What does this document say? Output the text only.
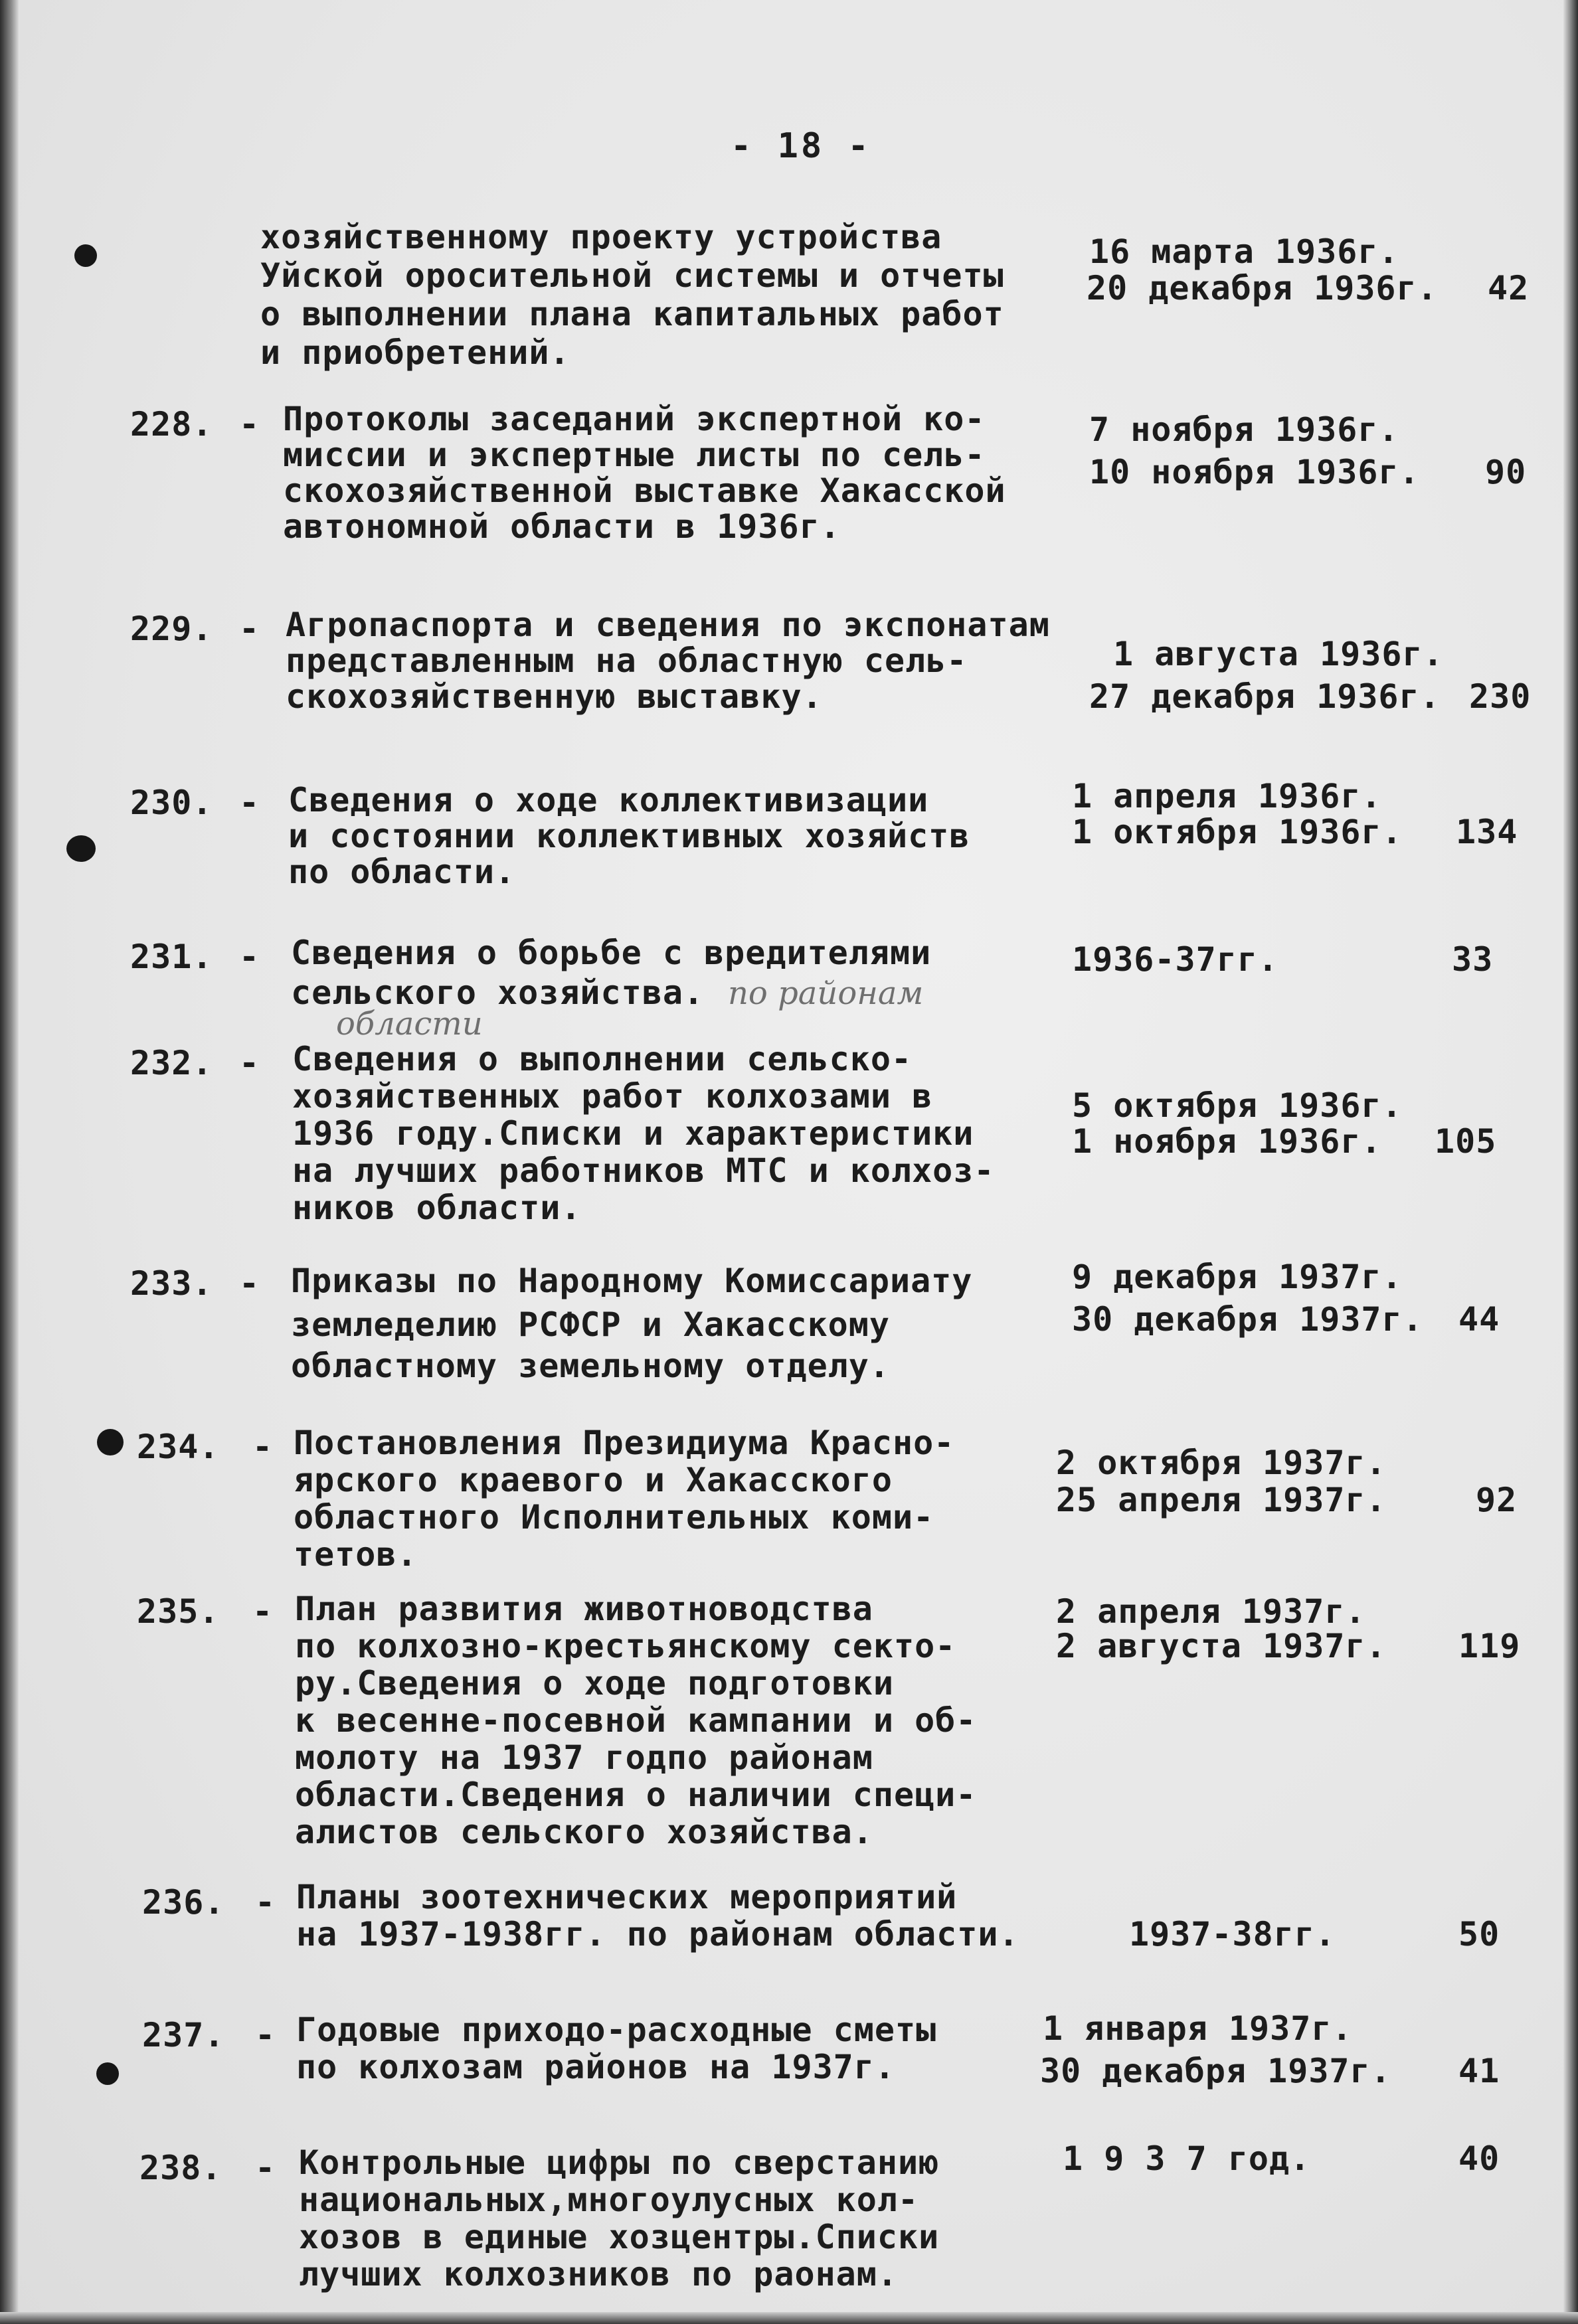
- 18 -
хозяйственному проекту устройства
Уйской оросительной системы и отчеты
о выполнении плана капитальных работ
и приобретений.
16 марта 1936г.
20 декабря 1936г. 42
228. - Протоколы заседаний экспертной ко-
миссии и экспертные листы по сель-
скохозяйственной выставке Хакасской
автономной области в 1936г.
7 ноября 1936г.
10 ноября 1936г. 90
229. - Агропаспорта и сведения по экспонатам
представленным на областную сель-
скохозяйственную выставку.
1 августа 1936г.
27 декабря 1936г. 230
230. - Сведения о ходе коллективизации
и состоянии коллективных хозяйств
по области.
1 апреля 1936г.
1 октября 1936г. 134
231. - Сведения о борьбе с вредителями
сельского хозяйства. по районам
области
1936-37гг.	33
232. - Сведения о выполнении сельско-
хозяйственных работ колхозами в
1936 году.Списки и характеристики
на лучших работников МТС и колхоз-
ников области.
5 октября 1936г.
1 ноября 1936г. 105
233. - Приказы по Народному Комиссариату
земледелию РСФСР и Хакасскому
областному земельному отделу.
9 декабря 1937г.
30 декабря 1937г. 44
234. - Постановления Президиума Красно-
ярского краевого и Хакасского
областного Исполнительных коми-
тетов.
2 октября 1937г.
25 апреля 1937г.	92
235. - План развития животноводства
по колхозно-крестьянскому секто-
ру.Сведения о ходе подготовки
к весенне-посевной кампании и об-
молоту на 1937 годпо районам
области.Сведения о наличии специ-
алистов сельского хозяйства.
2 апреля 1937г.
2 августа 1937г. 119
236. - Планы зоотехнических мероприятий
на 1937-1938гг. по районам области.	1937-38гг.	50
237. - Годовые приходо-расходные сметы
по колхозам районов на 1937г.
1 января 1937г.
30 декабря 1937г. 41
238. - Контрольные цифры по сверстанию
национальных,многоулусных кол-
хозов в единые хозцентры.Списки
лучших колхозников по раонам.
1 9 3 7 год.	40
